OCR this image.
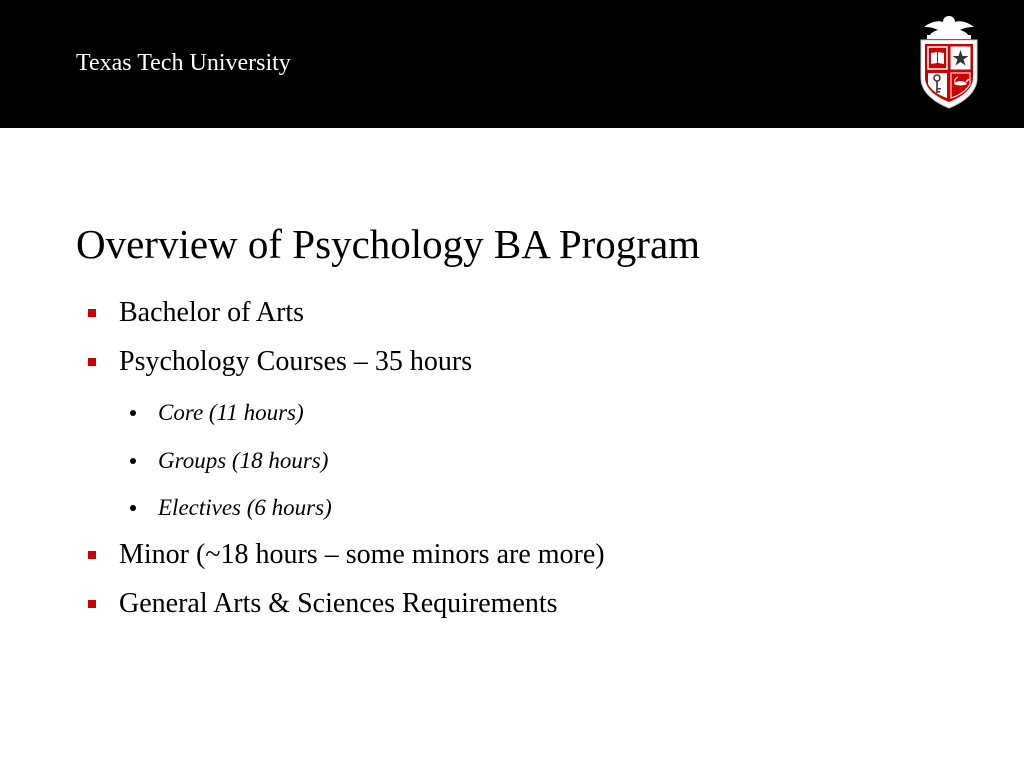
Texas Tech University
Overview of Psychology BA Program
Bachelor of Arts
Psychology Courses – 35 hours
Core (11 hours)
Groups (18 hours)
Electives (6 hours)
Minor (~18 hours – some minors are more)
General Arts & Sciences Requirements
